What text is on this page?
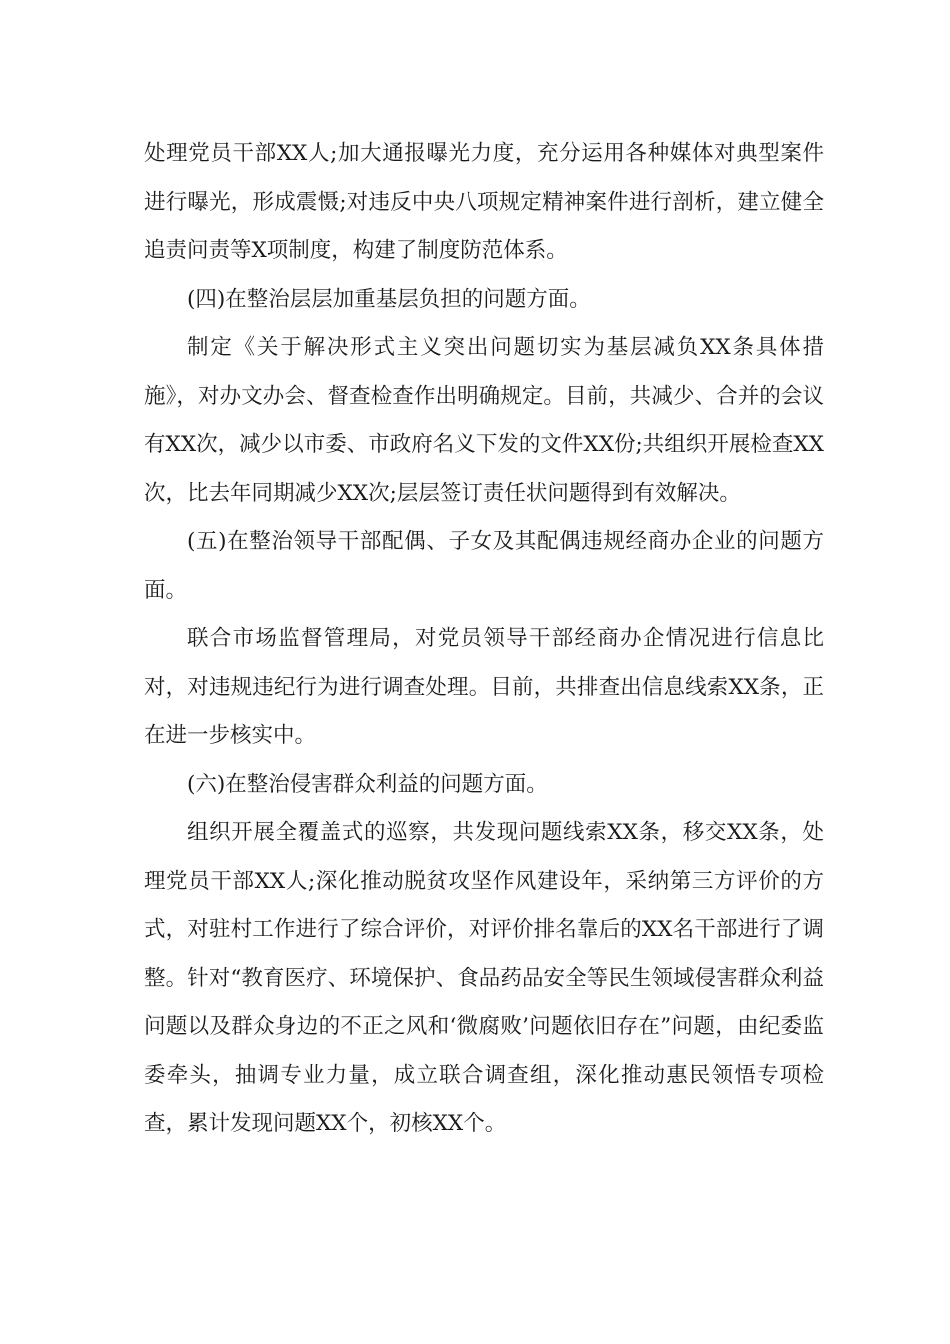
处理党员干部XX人;加大通报曝光力度，充分运用各种媒体对典型案件进行曝光，形成震慑;对违反中央八项规定精神案件进行剖析，建立健全追责问责等X项制度，构建了制度防范体系。

(四)在整治层层加重基层负担的问题方面。

制定《关于解决形式主义突出问题切实为基层减负XX条具体措施》，对办文办会、督查检查作出明确规定。目前，共减少、合并的会议有XX次，减少以市委、市政府名义下发的文件XX份;共组织开展检查XX次，比去年同期减少XX次;层层签订责任状问题得到有效解决。

(五)在整治领导干部配偶、子女及其配偶违规经商办企业的问题方面。

联合市场监督管理局，对党员领导干部经商办企情况进行信息比对，对违规违纪行为进行调查处理。目前，共排查出信息线索XX条，正在进一步核实中。

(六)在整治侵害群众利益的问题方面。

组织开展全覆盖式的巡察，共发现问题线索XX条，移交XX条，处理党员干部XX人;深化推动脱贫攻坚作风建设年，采纳第三方评价的方式，对驻村工作进行了综合评价，对评价排名靠后的XX名干部进行了调整。针对“教育医疗、环境保护、食品药品安全等民生领域侵害群众利益问题以及群众身边的不正之风和‘微腐败’问题依旧存在”问题，由纪委监委牵头，抽调专业力量，成立联合调查组，深化推动惠民领悟专项检查，累计发现问题XX个，初核XX个。
